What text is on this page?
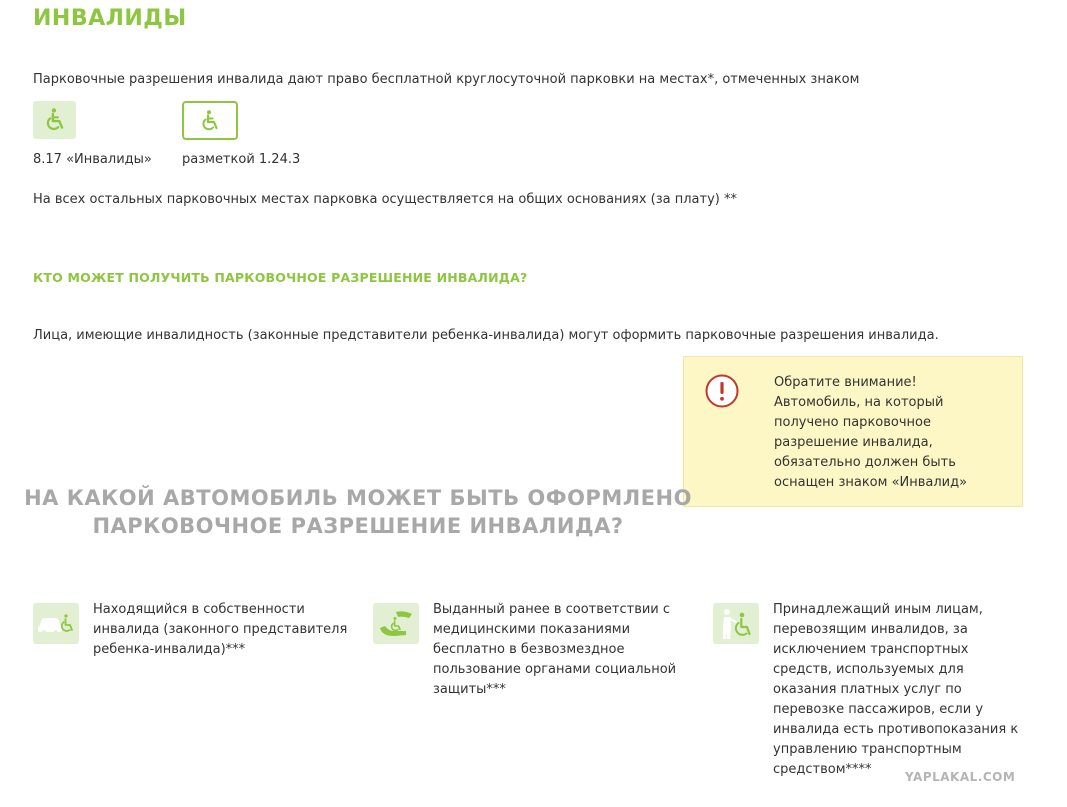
ИНВАЛИДЫ
Парковочные разрешения инвалида дают право бесплатной круглосуточной парковки на местах*, отмеченных знаком
8.17 «Инвалиды» разметкой 1.24.3
На всех остальных парковочных местах парковка осуществляется на общих основаниях (за плату) **
КТО МОЖЕТ ПОЛУЧИТЬ ПАРКОВОЧНОЕ РАЗРЕШЕНИЕ ИНВАЛИДА?
Лица, имеющие инвалидность (законные представители ребенка-инвалида) могут оформить парковочные разрешения инвалида.
Обратите внимание!
Автомобиль, на который
получено парковочное
разрешение инвалида,
обязательно должен быть
оснащен знаком «Инвалид»
НА КАКОЙ АВТОМОБИЛЬ МОЖЕТ БЫТЬ ОФОРМЛЕНО
ПАРКОВОЧНОЕ РАЗРЕШЕНИЕ ИНВАЛИДА?
Находящийся в собственности
инвалида (законного представителя
ребенка-инвалида)***
Выданный ранее в соответствии с
медицинскими показаниями
бесплатно в безвозмездное
пользование органами социальной
защиты***
Принадлежащий иным лицам,
перевозящим инвалидов, за
исключением транспортных
средств, используемых для
оказания платных услуг по
перевозке пассажиров, если у
инвалида есть противопоказания к
управлению транспортным
средством****	YAPLAKAL.COM
